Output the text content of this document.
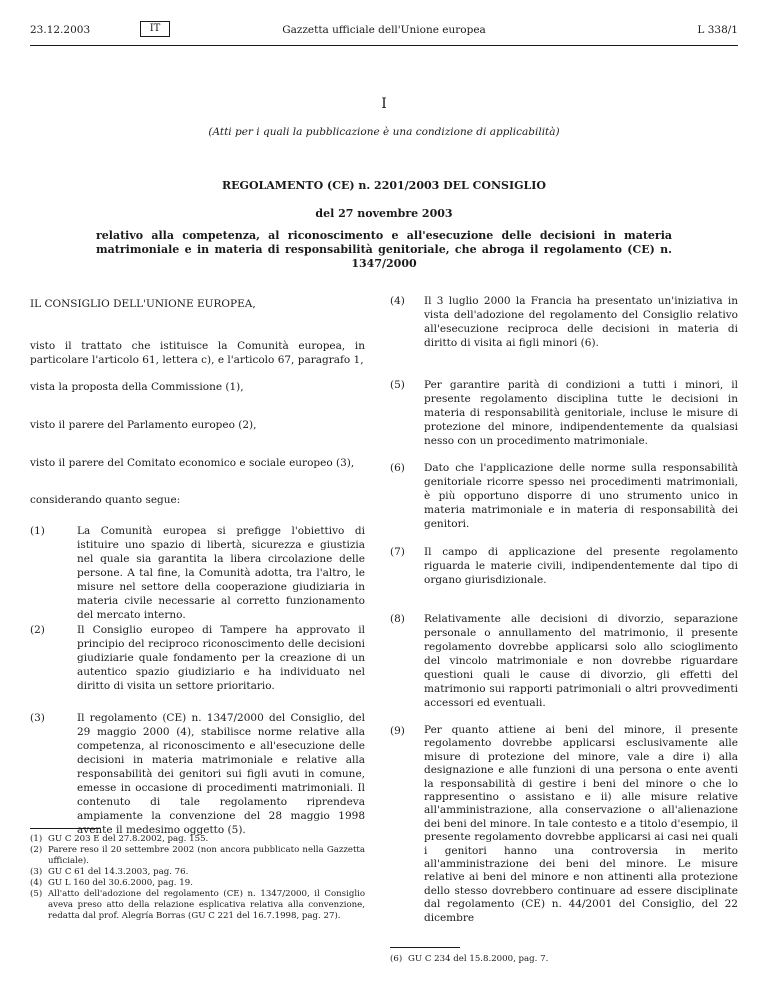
23.12.2003	IT	Gazzetta ufficiale dell'Unione europea	L 338/1
I
(Atti per i quali la pubblicazione è una condizione di applicabilità)
REGOLAMENTO (CE) n. 2201/2003 DEL CONSIGLIO
del 27 novembre 2003
relativo alla competenza, al riconoscimento e all'esecuzione delle decisioni in materia matrimoniale e in materia di responsabilità genitoriale, che abroga il regolamento (CE) n. 1347/2000
IL CONSIGLIO DELL'UNIONE EUROPEA,
visto il trattato che istituisce la Comunità europea, in particolare l'articolo 61, lettera c), e l'articolo 67, paragrafo 1,
vista la proposta della Commissione (1),
visto il parere del Parlamento europeo (2),
visto il parere del Comitato economico e sociale europeo (3),
considerando quanto segue:
(1)	La Comunità europea si prefigge l'obiettivo di istituire uno spazio di libertà, sicurezza e giustizia nel quale sia garantita la libera circolazione delle persone. A tal fine, la Comunità adotta, tra l'altro, le misure nel settore della cooperazione giudiziaria in materia civile necessarie al corretto funzionamento del mercato interno.
(2)	Il Consiglio europeo di Tampere ha approvato il principio del reciproco riconoscimento delle decisioni giudiziarie quale fondamento per la creazione di un autentico spazio giudiziario e ha individuato nel diritto di visita un settore prioritario.
(3)	Il regolamento (CE) n. 1347/2000 del Consiglio, del 29 maggio 2000 (4), stabilisce norme relative alla competenza, al riconoscimento e all'esecuzione delle decisioni in materia matrimoniale e relative alla responsabilità dei genitori sui figli avuti in comune, emesse in occasione di procedimenti matrimoniali. Il contenuto di tale regolamento riprendeva ampiamente la convenzione del 28 maggio 1998 avente il medesimo oggetto (5).
(1) GU C 203 E del 27.8.2002, pag. 155.
(2) Parere reso il 20 settembre 2002 (non ancora pubblicato nella Gazzetta ufficiale).
(3) GU C 61 del 14.3.2003, pag. 76.
(4) GU L 160 del 30.6.2000, pag. 19.
(5) All'atto dell'adozione del regolamento (CE) n. 1347/2000, il Consiglio aveva preso atto della relazione esplicativa relativa alla convenzione, redatta dal prof. Alegría Borras (GU C 221 del 16.7.1998, pag. 27).
(4) Il 3 luglio 2000 la Francia ha presentato un'iniziativa in vista dell'adozione del regolamento del Consiglio relativo all'esecuzione reciproca delle decisioni in materia di diritto di visita ai figli minori (6).
(5) Per garantire parità di condizioni a tutti i minori, il presente regolamento disciplina tutte le decisioni in materia di responsabilità genitoriale, incluse le misure di protezione del minore, indipendentemente da qualsiasi nesso con un procedimento matrimoniale.
(6) Dato che l'applicazione delle norme sulla responsabilità genitoriale ricorre spesso nei procedimenti matrimoniali, è più opportuno disporre di uno strumento unico in materia matrimoniale e in materia di responsabilità dei genitori.
(7) Il campo di applicazione del presente regolamento riguarda le materie civili, indipendentemente dal tipo di organo giurisdizionale.
(8) Relativamente alle decisioni di divorzio, separazione personale o annullamento del matrimonio, il presente regolamento dovrebbe applicarsi solo allo scioglimento del vincolo matrimoniale e non dovrebbe riguardare questioni quali le cause di divorzio, gli effetti del matrimonio sui rapporti patrimoniali o altri provvedimenti accessori ed eventuali.
(9) Per quanto attiene ai beni del minore, il presente regolamento dovrebbe applicarsi esclusivamente alle misure di protezione del minore, vale a dire i) alla designazione e alle funzioni di una persona o ente aventi la responsabilità di gestire i beni del minore o che lo rappresentino o assistano e ii) alle misure relative all'amministrazione, alla conservazione o all'alienazione dei beni del minore. In tale contesto e a titolo d'esempio, il presente regolamento dovrebbe applicarsi ai casi nei quali i genitori hanno una controversia in merito all'amministrazione dei beni del minore. Le misure relative ai beni del minore e non attinenti alla protezione dello stesso dovrebbero continuare ad essere disciplinate dal regolamento (CE) n. 44/2001 del Consiglio, del 22 dicembre
(6) GU C 234 del 15.8.2000, pag. 7.
